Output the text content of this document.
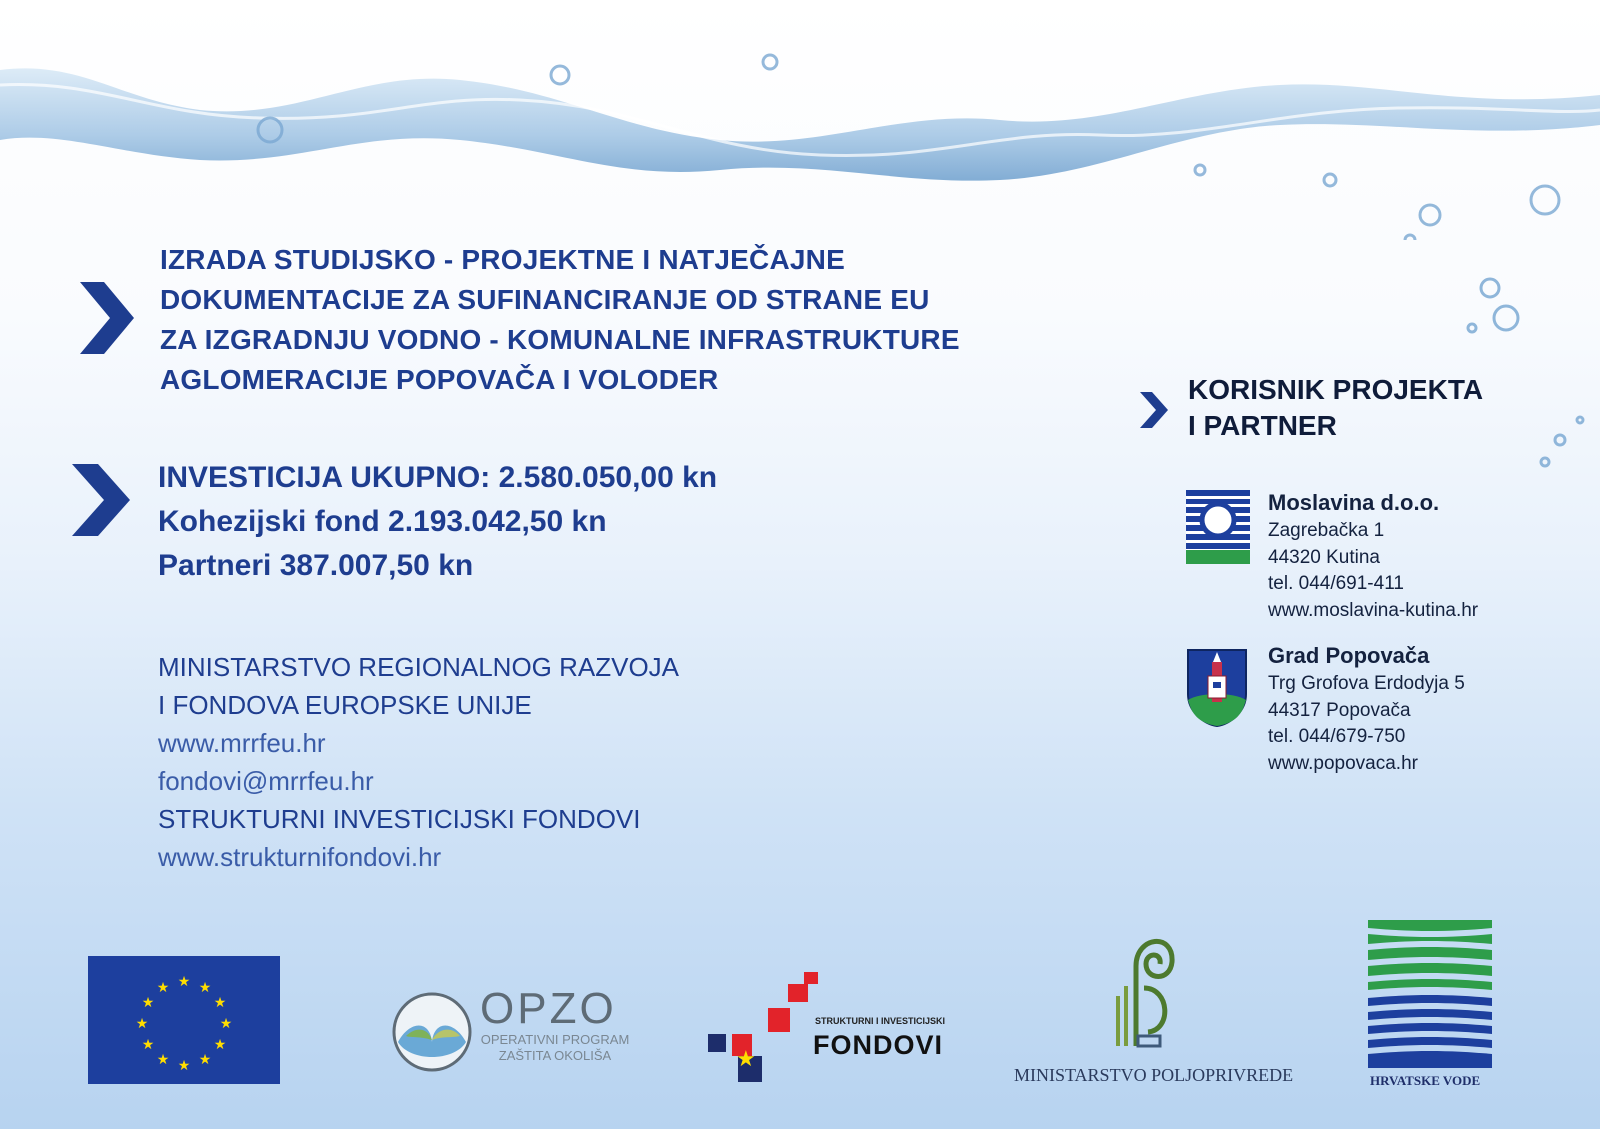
IZRADA STUDIJSKO - PROJEKTNE I NATJEČAJNE
DOKUMENTACIJE ZA SUFINANCIRANJE OD STRANE EU
ZA IZGRADNJU VODNO - KOMUNALNE INFRASTRUKTURE
AGLOMERACIJE POPOVAČA I VOLODER
INVESTICIJA UKUPNO: 2.580.050,00 kn
Kohezijski fond 2.193.042,50 kn
Partneri 387.007,50 kn
MINISTARSTVO REGIONALNOG RAZVOJA
I FONDOVA EUROPSKE UNIJE
www.mrrfeu.hr
fondovi@mrrfeu.hr
STRUKTURNI INVESTICIJSKI FONDOVI
www.strukturnifondovi.hr
KORISNIK PROJEKTA
I PARTNER
Moslavina d.o.o.
Zagrebačka 1
44320 Kutina
tel. 044/691-411
www.moslavina-kutina.hr
Grad Popovača
Trg Grofova Erdodyja 5
44317 Popovača
tel. 044/679-750
www.popovaca.hr
★ ★
★
★
★
★
★
★
★
★
★
★	OPZO
OPERATIVNI PROGRAM
ZAŠTITA OKOLIŠA	★
STRUKTURNI I INVESTICIJSKI
FONDOVI
MINISTARSTVO POLJOPRIVREDE	HRVATSKE VODE
